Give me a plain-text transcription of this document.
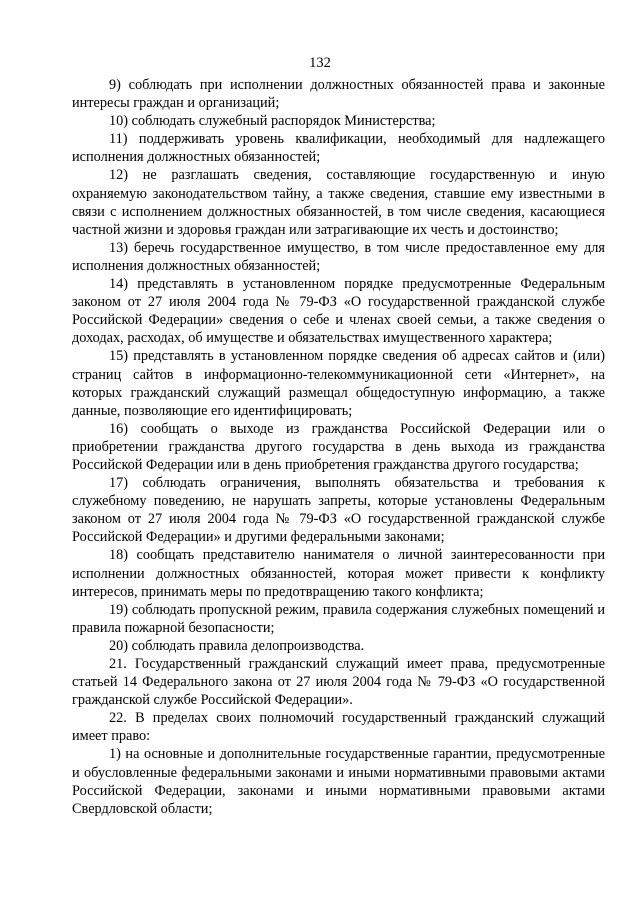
132

9) соблюдать при исполнении должностных обязанностей права и законные интересы граждан и организаций;

10) соблюдать служебный распорядок Министерства;

11) поддерживать уровень квалификации, необходимый для надлежащего исполнения должностных обязанностей;

12) не разглашать сведения, составляющие государственную и иную охраняемую законодательством тайну, а также сведения, ставшие ему известными в связи с исполнением должностных обязанностей, в том числе сведения, касающиеся частной жизни и здоровья граждан или затрагивающие их честь и достоинство;

13) беречь государственное имущество, в том числе предоставленное ему для исполнения должностных обязанностей;

14) представлять в установленном порядке предусмотренные Федеральным законом от 27 июля 2004 года № 79-ФЗ «О государственной гражданской службе Российской Федерации» сведения о себе и членах своей семьи, а также сведения о доходах, расходах, об имуществе и обязательствах имущественного характера;

15) представлять в установленном порядке сведения об адресах сайтов и (или) страниц сайтов в информационно-телекоммуникационной сети «Интернет», на которых гражданский служащий размещал общедоступную информацию, а также данные, позволяющие его идентифицировать;

16) сообщать о выходе из гражданства Российской Федерации или о приобретении гражданства другого государства в день выхода из гражданства Российской Федерации или в день приобретения гражданства другого государства;

17) соблюдать ограничения, выполнять обязательства и требования к служебному поведению, не нарушать запреты, которые установлены Федеральным законом от 27 июля 2004 года № 79-ФЗ «О государственной гражданской службе Российской Федерации» и другими федеральными законами;

18) сообщать представителю нанимателя о личной заинтересованности при исполнении должностных обязанностей, которая может привести к конфликту интересов, принимать меры по предотвращению такого конфликта;

19) соблюдать пропускной режим, правила содержания служебных помещений и правила пожарной безопасности;

20) соблюдать правила делопроизводства.

21. Государственный гражданский служащий имеет права, предусмотренные статьей 14 Федерального закона от 27 июля 2004 года № 79-ФЗ «О государственной гражданской службе Российской Федерации».

22. В пределах своих полномочий государственный гражданский служащий имеет право:

1) на основные и дополнительные государственные гарантии, предусмотренные и обусловленные федеральными законами и иными нормативными правовыми актами Российской Федерации, законами и иными нормативными правовыми актами Свердловской области;
